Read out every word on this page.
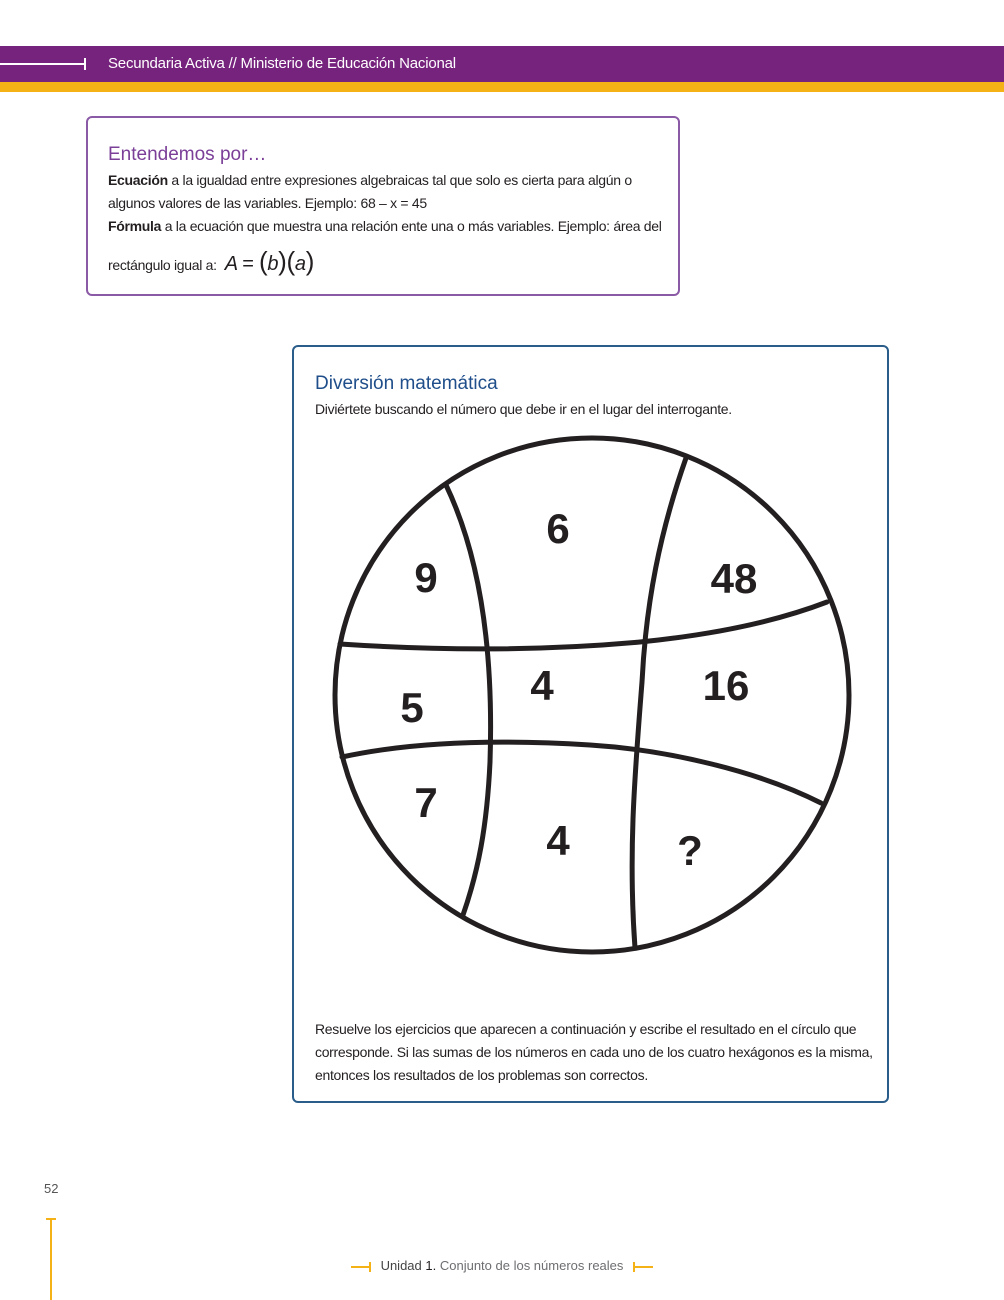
Secundaria Activa // Ministerio de Educación Nacional
Entendemos por…
Ecuación a la igualdad entre expresiones algebraicas tal que solo es cierta para algún o algunos valores de las variables. Ejemplo: 68 – x = 45
Fórmula a la ecuación que muestra una relación ente una o más variables. Ejemplo: área del
rectángulo igual a: A = (b)(a)
Diversión matemática
Diviértete buscando el número que debe ir en el lugar del interrogante.
Resuelve los ejercicios que aparecen a continuación y escribe el resultado en el círculo que corresponde. Si las sumas de los números en cada uno de los cuatro hexágonos es la misma, entonces los resultados de los problemas son correctos.
9
6
48
5	4	16
7
4	?
52
Unidad 1. Conjunto de los números reales
